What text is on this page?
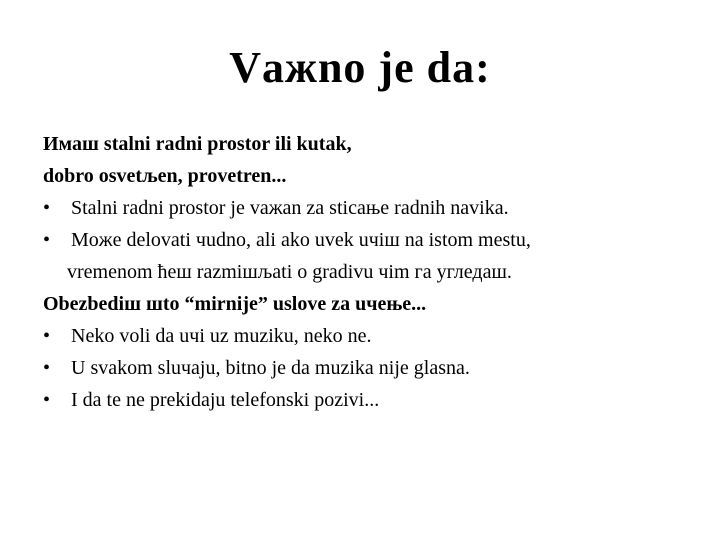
Vажno je da:
Имаш stalni radni prostor ili kutak,
dobro osvetљen, provetren...
•	Stalni radni prostor je vaжan za sticaњe radnih navika.
•	Moжe delovati чudno, ali ako uvek uчiш na istom mestu,
vremenom ћeш razmiшљati o gradivu чim гa угледaш.
Obezbediш шto “mirnije” uslove za uчeњe...
•	Neko voli da uчi uz muziku, neko ne.
•	U svakom sluчaju, bitno je da muzika nije glasna.
•	I da te ne prekidaju telefonski pozivi...
